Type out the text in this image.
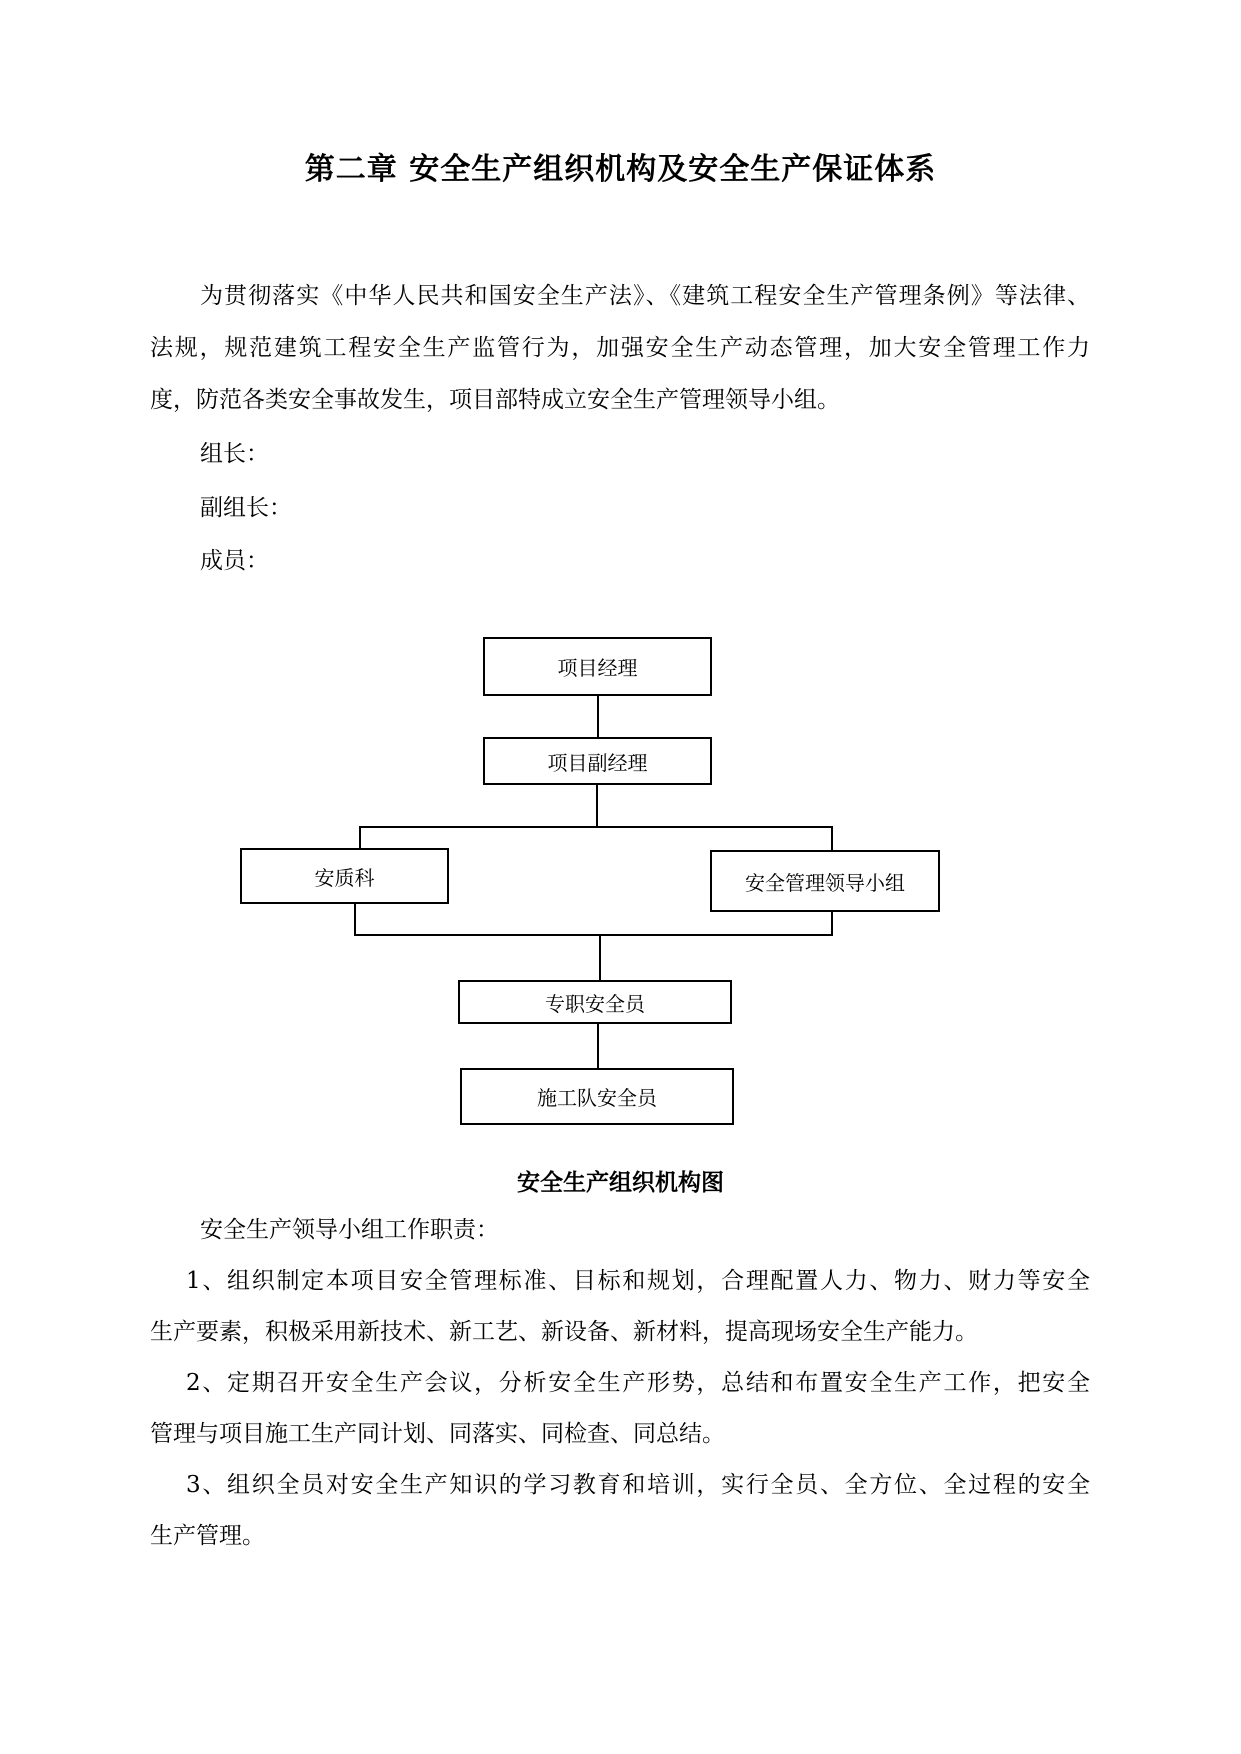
第二章 安全生产组织机构及安全生产保证体系
为贯彻落实《中华人民共和国安全生产法》、《建筑工程安全生产管理条例》等法律、
法规，规范建筑工程安全生产监管行为，加强安全生产动态管理，加大安全管理工作力
度，防范各类安全事故发生，项目部特成立安全生产管理领导小组。
组长：
副组长：
成员：
项目经理
项目副经理
安质科	安全管理领导小组
专职安全员
施工队安全员
安全生产组织机构图
安全生产领导小组工作职责：
1、组织制定本项目安全管理标准、目标和规划，合理配置人力、物力、财力等安全
生产要素，积极采用新技术、新工艺、新设备、新材料，提高现场安全生产能力。
2、定期召开安全生产会议，分析安全生产形势，总结和布置安全生产工作，把安全
管理与项目施工生产同计划、同落实、同检查、同总结。
3、组织全员对安全生产知识的学习教育和培训，实行全员、全方位、全过程的安全
生产管理。
